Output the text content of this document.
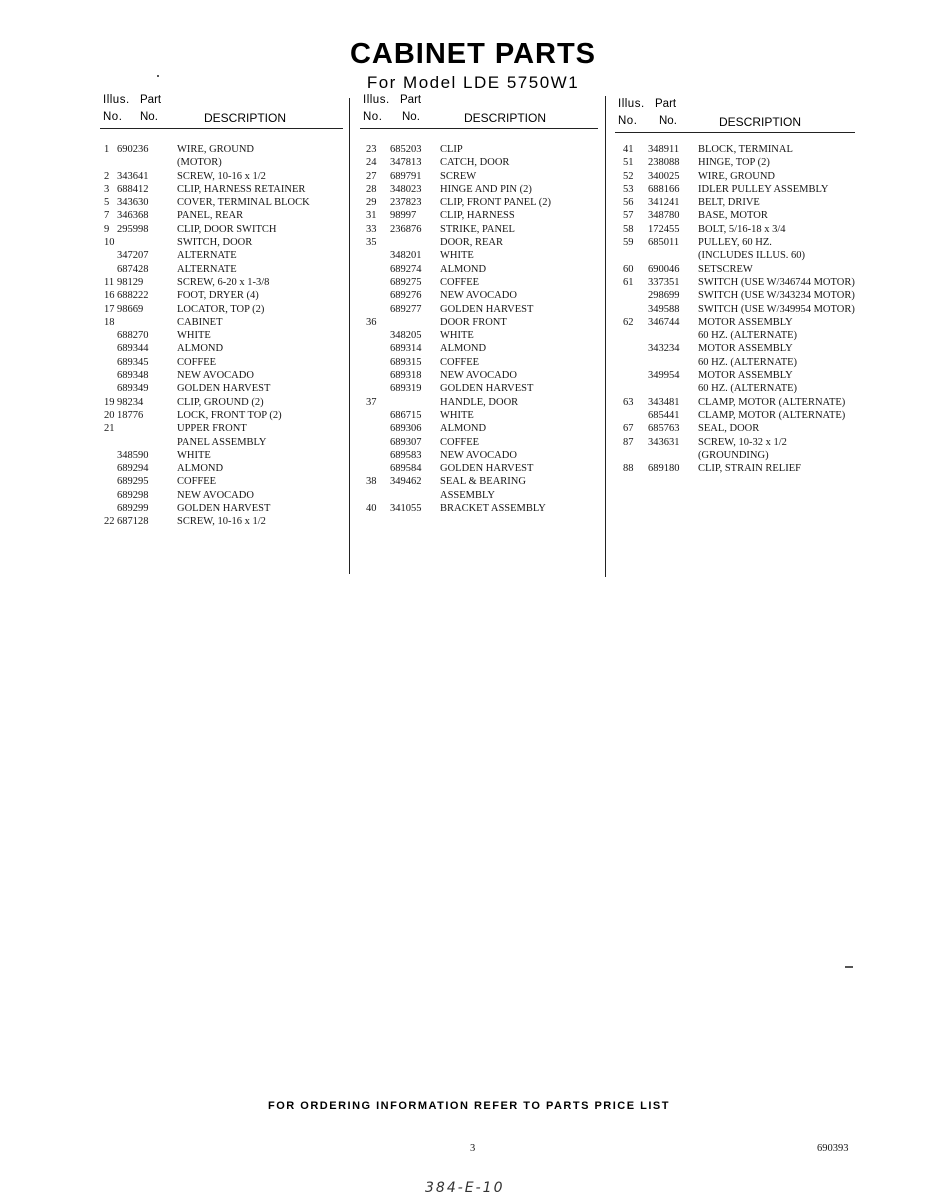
CABINET PARTS
For Model LDE 5750W1
Illus. Part
No. No.	DESCRIPTION
1 690236	WIRE, GROUND
(MOTOR)
2 343641	SCREW, 10-16 x 1/2
3 688412	CLIP, HARNESS RETAINER
5 343630	COVER, TERMINAL BLOCK
7 346368	PANEL, REAR
9 295998	CLIP, DOOR SWITCH
10	SWITCH, DOOR
347207	ALTERNATE
687428	ALTERNATE
11 98129	SCREW, 6-20 x 1-3/8
16 688222	FOOT, DRYER (4)
17 98669	LOCATOR, TOP (2)
18	CABINET
688270	WHITE
689344	ALMOND
689345	COFFEE
689348	NEW AVOCADO
689349	GOLDEN HARVEST
19 98234	CLIP, GROUND (2)
20 18776	LOCK, FRONT TOP (2)
21	UPPER FRONT
PANEL ASSEMBLY
348590	WHITE
689294	ALMOND
689295	COFFEE
689298	NEW AVOCADO
689299	GOLDEN HARVEST
22 687128	SCREW, 10-16 x 1/2
Illus. Part
No. No.	DESCRIPTION
23 685203 CLIP
24 347813 CATCH, DOOR
27 689791 SCREW
28 348023 HINGE AND PIN (2)
29 237823 CLIP, FRONT PANEL (2)
31 98997 CLIP, HARNESS
33 236876 STRIKE, PANEL
35	DOOR, REAR
348201 WHITE
689274 ALMOND
689275 COFFEE
689276 NEW AVOCADO
689277 GOLDEN HARVEST
36	DOOR FRONT
348205 WHITE
689314 ALMOND
689315 COFFEE
689318 NEW AVOCADO
689319 GOLDEN HARVEST
37	HANDLE, DOOR
686715 WHITE
689306 ALMOND
689307 COFFEE
689583 NEW AVOCADO
689584 GOLDEN HARVEST
38 349462 SEAL & BEARING
ASSEMBLY
40 341055 BRACKET ASSEMBLY
Illus. Part
No. No.	DESCRIPTION
41 348911 BLOCK, TERMINAL
51 238088 HINGE, TOP (2)
52 340025 WIRE, GROUND
53 688166 IDLER PULLEY ASSEMBLY
56 341241 BELT, DRIVE
57 348780 BASE, MOTOR
58 172455 BOLT, 5/16-18 x 3/4
59 685011 PULLEY, 60 HZ.
(INCLUDES ILLUS. 60)
60 690046 SETSCREW
61 337351 SWITCH (USE W/346744 MOTOR)
298699 SWITCH (USE W/343234 MOTOR)
349588 SWITCH (USE W/349954 MOTOR)
62 346744 MOTOR ASSEMBLY
60 HZ. (ALTERNATE)
343234 MOTOR ASSEMBLY
60 HZ. (ALTERNATE)
349954 MOTOR ASSEMBLY
60 HZ. (ALTERNATE)
63 343481 CLAMP, MOTOR (ALTERNATE)
685441 CLAMP, MOTOR (ALTERNATE)
67 685763 SEAL, DOOR
87 343631 SCREW, 10-32 x 1/2
(GROUNDING)
88 689180 CLIP, STRAIN RELIEF
FOR ORDERING INFORMATION REFER TO PARTS PRICE LIST
3	690393
384-E-10
